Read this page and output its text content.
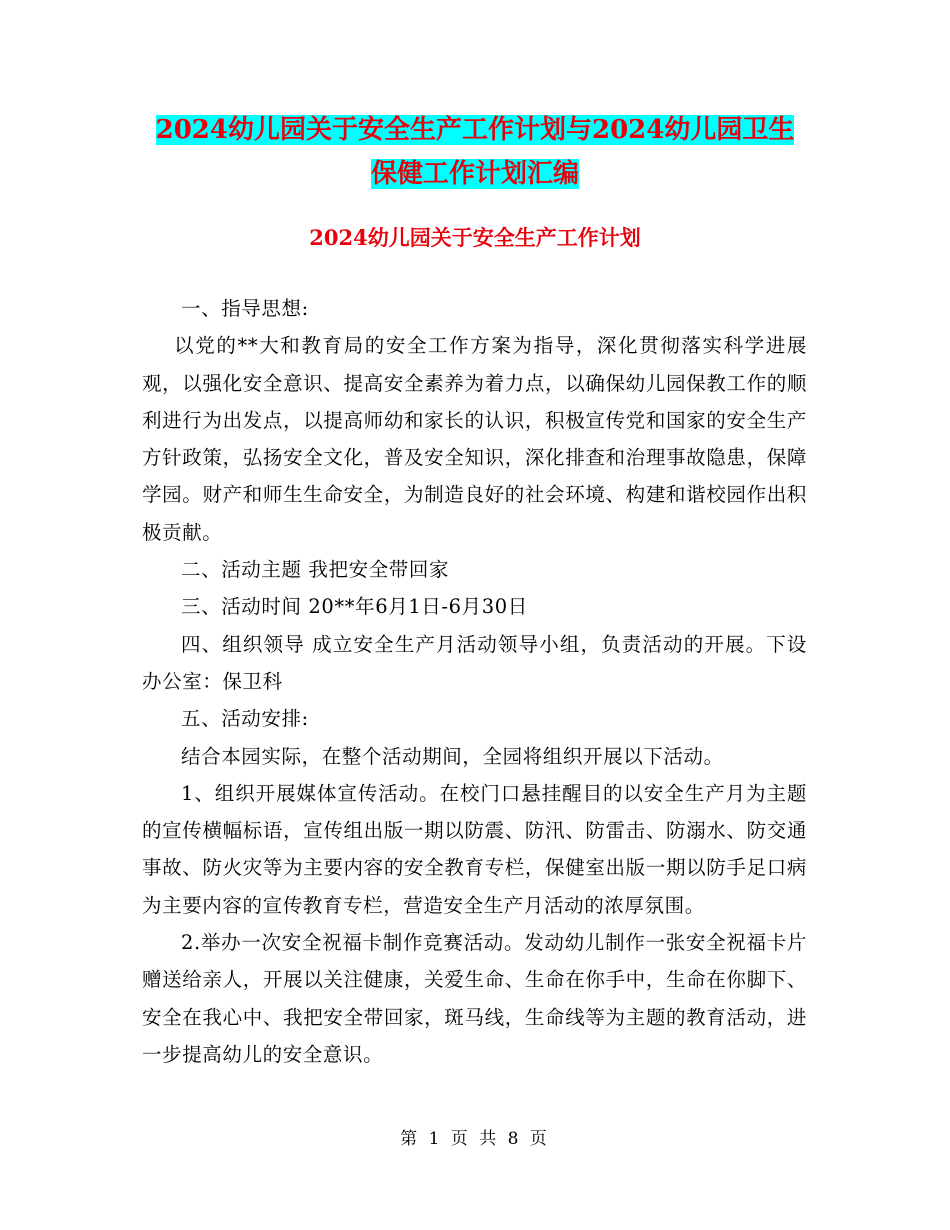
2024幼儿园关于安全生产工作计划与2024幼儿园卫生
保健工作计划汇编
2024幼儿园关于安全生产工作计划

一、指导思想:

以党的**大和教育局的安全工作方案为指导，深化贯彻落实科学进展观，以强化安全意识、提高安全素养为着力点，以确保幼儿园保教工作的顺利进行为出发点，以提高师幼和家长的认识，积极宣传党和国家的安全生产方针政策，弘扬安全文化，普及安全知识，深化排查和治理事故隐患，保障学园。财产和师生生命安全，为制造良好的社会环境、构建和谐校园作出积极贡献。

二、活动主题 我把安全带回家

三、活动时间 20**年6月1日-6月30日

四、组织领导 成立安全生产月活动领导小组，负责活动的开展。下设办公室：保卫科

五、活动安排:

结合本园实际，在整个活动期间，全园将组织开展以下活动。

1、组织开展媒体宣传活动。在校门口悬挂醒目的以安全生产月为主题的宣传横幅标语，宣传组出版一期以防震、防汛、防雷击、防溺水、防交通事故、防火灾等为主要内容的安全教育专栏，保健室出版一期以防手足口病为主要内容的宣传教育专栏，营造安全生产月活动的浓厚氛围。

2.举办一次安全祝福卡制作竞赛活动。发动幼儿制作一张安全祝福卡片赠送给亲人，开展以关注健康，关爱生命、生命在你手中，生命在你脚下、安全在我心中、我把安全带回家，斑马线，生命线等为主题的教育活动，进一步提高幼儿的安全意识。

第 1 页 共 8 页
